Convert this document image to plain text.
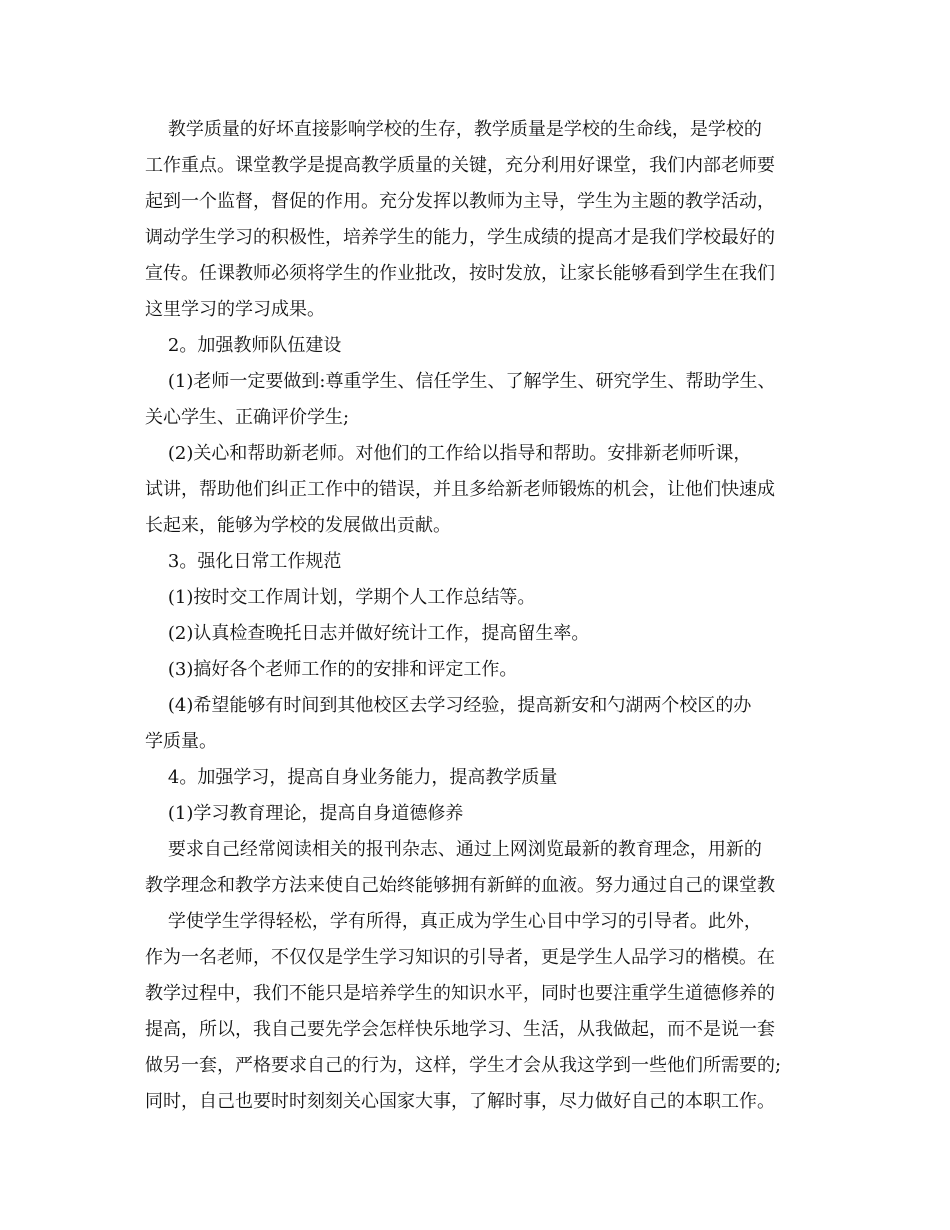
教学质量的好坏直接影响学校的生存，教学质量是学校的生命线，是学校的
工作重点。课堂教学是提高教学质量的关键，充分利用好课堂，我们内部老师要
起到一个监督，督促的作用。充分发挥以教师为主导，学生为主题的教学活动，
调动学生学习的积极性，培养学生的能力，学生成绩的提高才是我们学校最好的
宣传。任课教师必须将学生的作业批改，按时发放，让家长能够看到学生在我们
这里学习的学习成果。
2。加强教师队伍建设
(1)老师一定要做到:尊重学生、信任学生、了解学生、研究学生、帮助学生、
关心学生、正确评价学生;
(2)关心和帮助新老师。对他们的工作给以指导和帮助。安排新老师听课，
试讲，帮助他们纠正工作中的错误，并且多给新老师锻炼的机会，让他们快速成
长起来，能够为学校的发展做出贡献。
3。强化日常工作规范
(1)按时交工作周计划，学期个人工作总结等。
(2)认真检查晚托日志并做好统计工作，提高留生率。
(3)搞好各个老师工作的的安排和评定工作。
(4)希望能够有时间到其他校区去学习经验，提高新安和勺湖两个校区的办
学质量。
4。加强学习，提高自身业务能力，提高教学质量
(1)学习教育理论，提高自身道德修养
要求自己经常阅读相关的报刊杂志、通过上网浏览最新的教育理念，用新的
教学理念和教学方法来使自己始终能够拥有新鲜的血液。努力通过自己的课堂教
学使学生学得轻松，学有所得，真正成为学生心目中学习的引导者。此外，
作为一名老师，不仅仅是学生学习知识的引导者，更是学生人品学习的楷模。在
教学过程中，我们不能只是培养学生的知识水平，同时也要注重学生道德修养的
提高，所以，我自己要先学会怎样快乐地学习、生活，从我做起，而不是说一套
做另一套，严格要求自己的行为，这样，学生才会从我这学到一些他们所需要的;
同时，自己也要时时刻刻关心国家大事，了解时事，尽力做好自己的本职工作。
